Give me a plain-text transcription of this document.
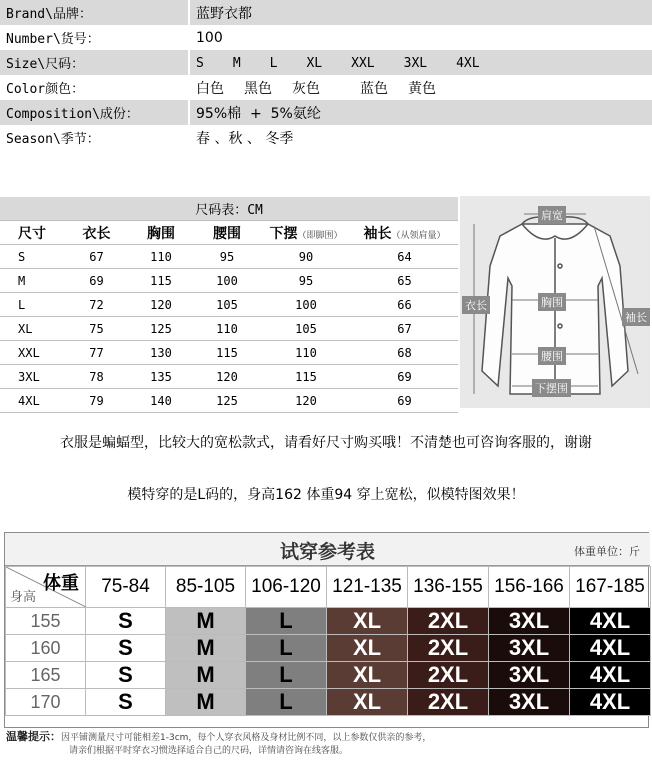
Brand\品牌：	蓝野衣都
Number\货号：	100
Size\尺码：	S M L XL XXL 3XL 4XL
Color颜色：	白色 黑色 灰色 蓝色 黄色
Composition\成份：	95%棉  +  5%氨纶
Season\季节：	春 、秋 、 冬季
尺码表：CM					
尺寸	衣长	胸围	腰围	下摆（即脚围）	袖长（从领肩量）
S	67	110	95	90	64
M	69	115	100	95	65
L	72	120	105	100	66
XL	75	125	110	105	67
XXL	77	130	115	110	68
3XL	78	135	120	115	69
4XL	79	140	125	120	69
肩宽
衣长	胸围
袖长
腰围
下摆围
衣服是蝙蝠型，比较大的宽松款式，请看好尺寸购买哦！不清楚也可咨询客服的，谢谢
模特穿的是L码的，身高162 体重94 穿上宽松，似模特图效果！
试穿参考表	体重单位：斤
体重
身高	75-84	85-105	106-120	121-135	136-155	156-166	167-185
155	S	M	L	XL	2XL	3XL	4XL
160	S	M	L	XL	2XL	3XL	4XL
165	S	M	L	XL	2XL	3XL	4XL
170	S	M	L	XL	2XL	3XL	4XL
温馨提示：因平铺测量尺寸可能相差1-3cm，每个人穿衣风格及身材比例不同，以上参数仅供亲的参考，
请亲们根据平时穿衣习惯选择适合自己的尺码，详情请咨询在线客服。
